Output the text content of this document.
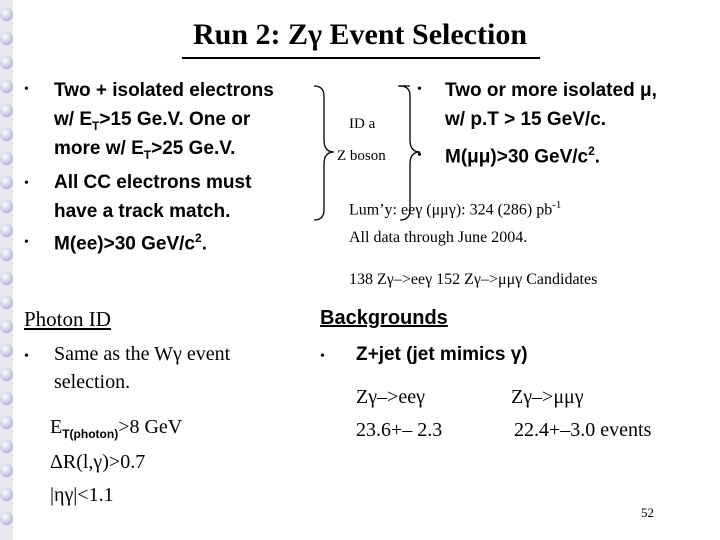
Run 2: Zγ Event Selection
• Two + isolated electrons
w/ $E_T>15$ Ge.V. One or
more w/ $E_T>25$ Ge.V.
• All CC electrons must
have a track match.
• M(ee)>30 GeV/$c^2$.
ID a
Z boson
• Two or more isolated μ,
w/ p.T > 15 GeV/c.
• M(μμ)>30 GeV/$c^2$.
Lum’y: eeγ (μμγ): 324 (286) $pb^{-1}$
All data through June 2004.
138 Zγ–>eeγ 152 Zγ–>μμγ Candidates
Photon ID
• Same as the Wγ event
selection.
$E_{T(photon)}>8$ GeV
ΔR(l,γ)>0.7
|ηγ|<1.1
Backgrounds
• Z+jet (jet mimics γ)
Zγ–>eeγ	Zγ–>μμγ
23.6+– 2.3	22.4+–3.0 events
52
